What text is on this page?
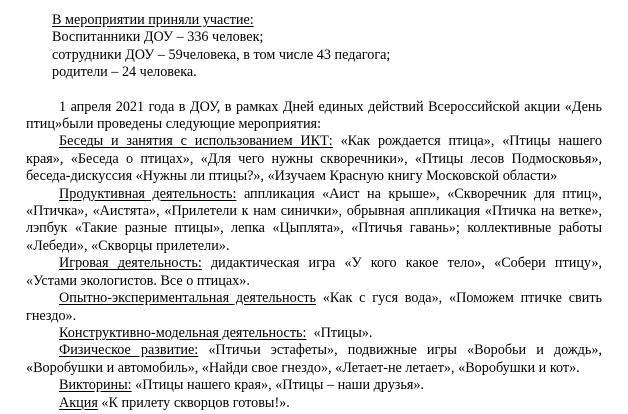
В мероприятии приняли участие:
Воспитанники ДОУ – 336 человек;
сотрудники ДОУ – 59человека, в том числе 43 педагога;
родители – 24 человека.
1 апреля 2021 года в ДОУ, в рамках Дней единых действий Всероссийской акции «День
птиц»были проведены следующие мероприятия:
Беседы и занятия с использованием ИКТ: «Как рождается птица», «Птицы нашего
края», «Беседа о птицах», «Для чего нужны скворечники», «Птицы лесов Подмосковья»,
беседа-дискуссия «Нужны ли птицы?», «Изучаем Красную книгу Московской области»
Продуктивная деятельность: аппликация «Аист на крыше», «Скворечник для птиц»,
«Птичка», «Аистята», «Прилетели к нам синички», обрывная аппликация «Птичка на ветке»,
лэпбук «Такие разные птицы», лепка «Цыплята», «Птичья гавань»; коллективные работы
«Лебеди», «Скворцы прилетели».
Игровая деятельность: дидактическая игра «У кого какое тело», «Собери птицу»,
«Устами экологистов. Все о птицах».
Опытно-экспериментальная деятельность «Как с гуся вода», «Поможем птичке свить
гнездо».
Конструктивно-модельная деятельность:  «Птицы».
Физическое развитие: «Птичьи эстафеты», подвижные игры «Воробьи и дождь»,
«Воробушки и автомобиль», «Найди свое гнездо», «Летает-не летает», «Воробушки и кот».
Викторины: «Птицы нашего края», «Птицы – наши друзья».
Акция «К прилету скворцов готовы!».
